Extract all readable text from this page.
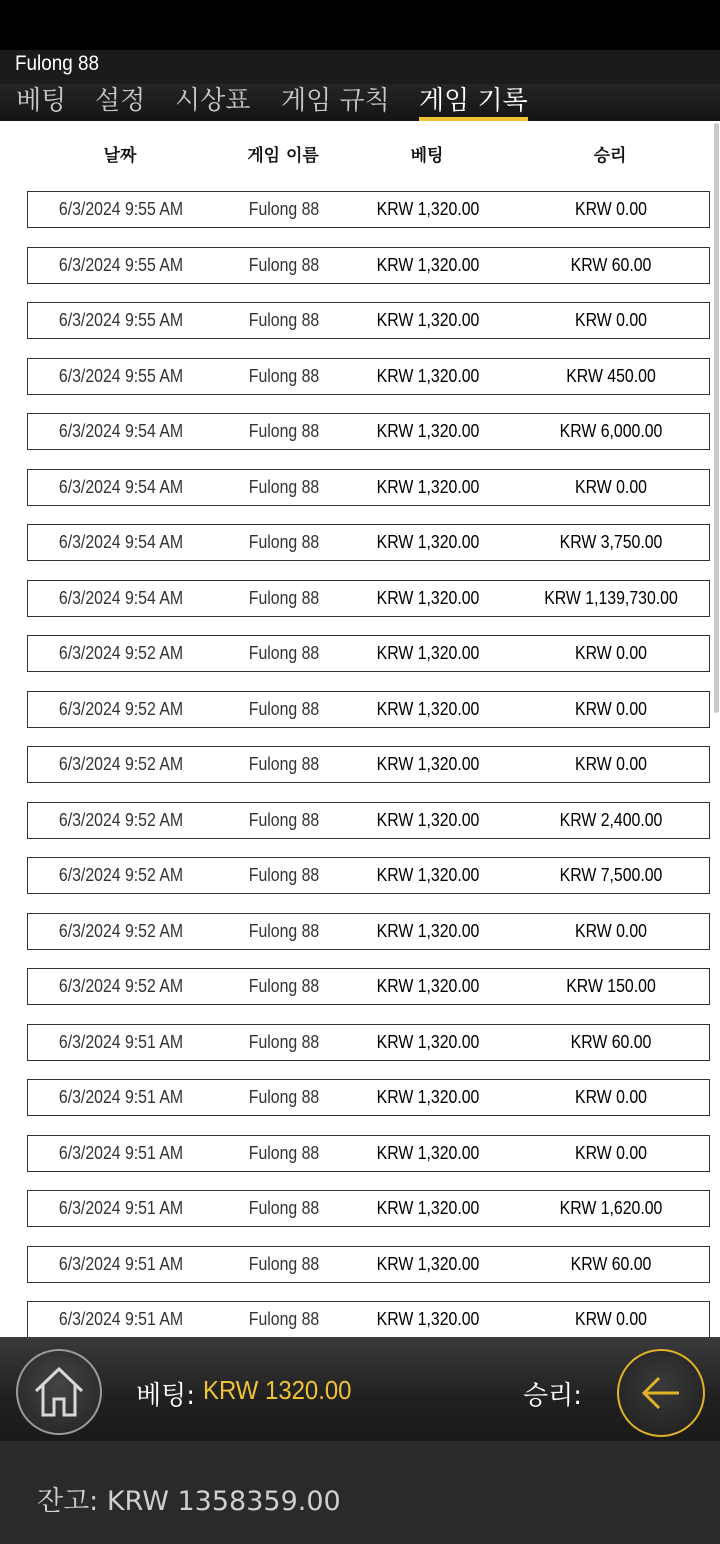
Fulong 88
베팅 설정 시상표 게임 규칙 게임 기록
날짜	게임 이름	베팅	승리
6/3/2024 9:55 AM	Fulong 88	KRW 1,320.00	KRW 0.00
6/3/2024 9:55 AM	Fulong 88	KRW 1,320.00	KRW 60.00
6/3/2024 9:55 AM	Fulong 88	KRW 1,320.00	KRW 0.00
6/3/2024 9:55 AM	Fulong 88	KRW 1,320.00	KRW 450.00
6/3/2024 9:54 AM	Fulong 88	KRW 1,320.00	KRW 6,000.00
6/3/2024 9:54 AM	Fulong 88	KRW 1,320.00	KRW 0.00
6/3/2024 9:54 AM	Fulong 88	KRW 1,320.00	KRW 3,750.00
6/3/2024 9:54 AM	Fulong 88	KRW 1,320.00	KRW 1,139,730.00
6/3/2024 9:52 AM	Fulong 88	KRW 1,320.00	KRW 0.00
6/3/2024 9:52 AM	Fulong 88	KRW 1,320.00	KRW 0.00
6/3/2024 9:52 AM	Fulong 88	KRW 1,320.00	KRW 0.00
6/3/2024 9:52 AM	Fulong 88	KRW 1,320.00	KRW 2,400.00
6/3/2024 9:52 AM	Fulong 88	KRW 1,320.00	KRW 7,500.00
6/3/2024 9:52 AM	Fulong 88	KRW 1,320.00	KRW 0.00
6/3/2024 9:52 AM	Fulong 88	KRW 1,320.00	KRW 150.00
6/3/2024 9:51 AM	Fulong 88	KRW 1,320.00	KRW 60.00
6/3/2024 9:51 AM	Fulong 88	KRW 1,320.00	KRW 0.00
6/3/2024 9:51 AM	Fulong 88	KRW 1,320.00	KRW 0.00
6/3/2024 9:51 AM	Fulong 88	KRW 1,320.00	KRW 1,620.00
6/3/2024 9:51 AM	Fulong 88	KRW 1,320.00	KRW 60.00
6/3/2024 9:51 AM	Fulong 88	KRW 1,320.00	KRW 0.00
베팅: KRW 1320.00	승리:
잔고: KRW 1358359.00
